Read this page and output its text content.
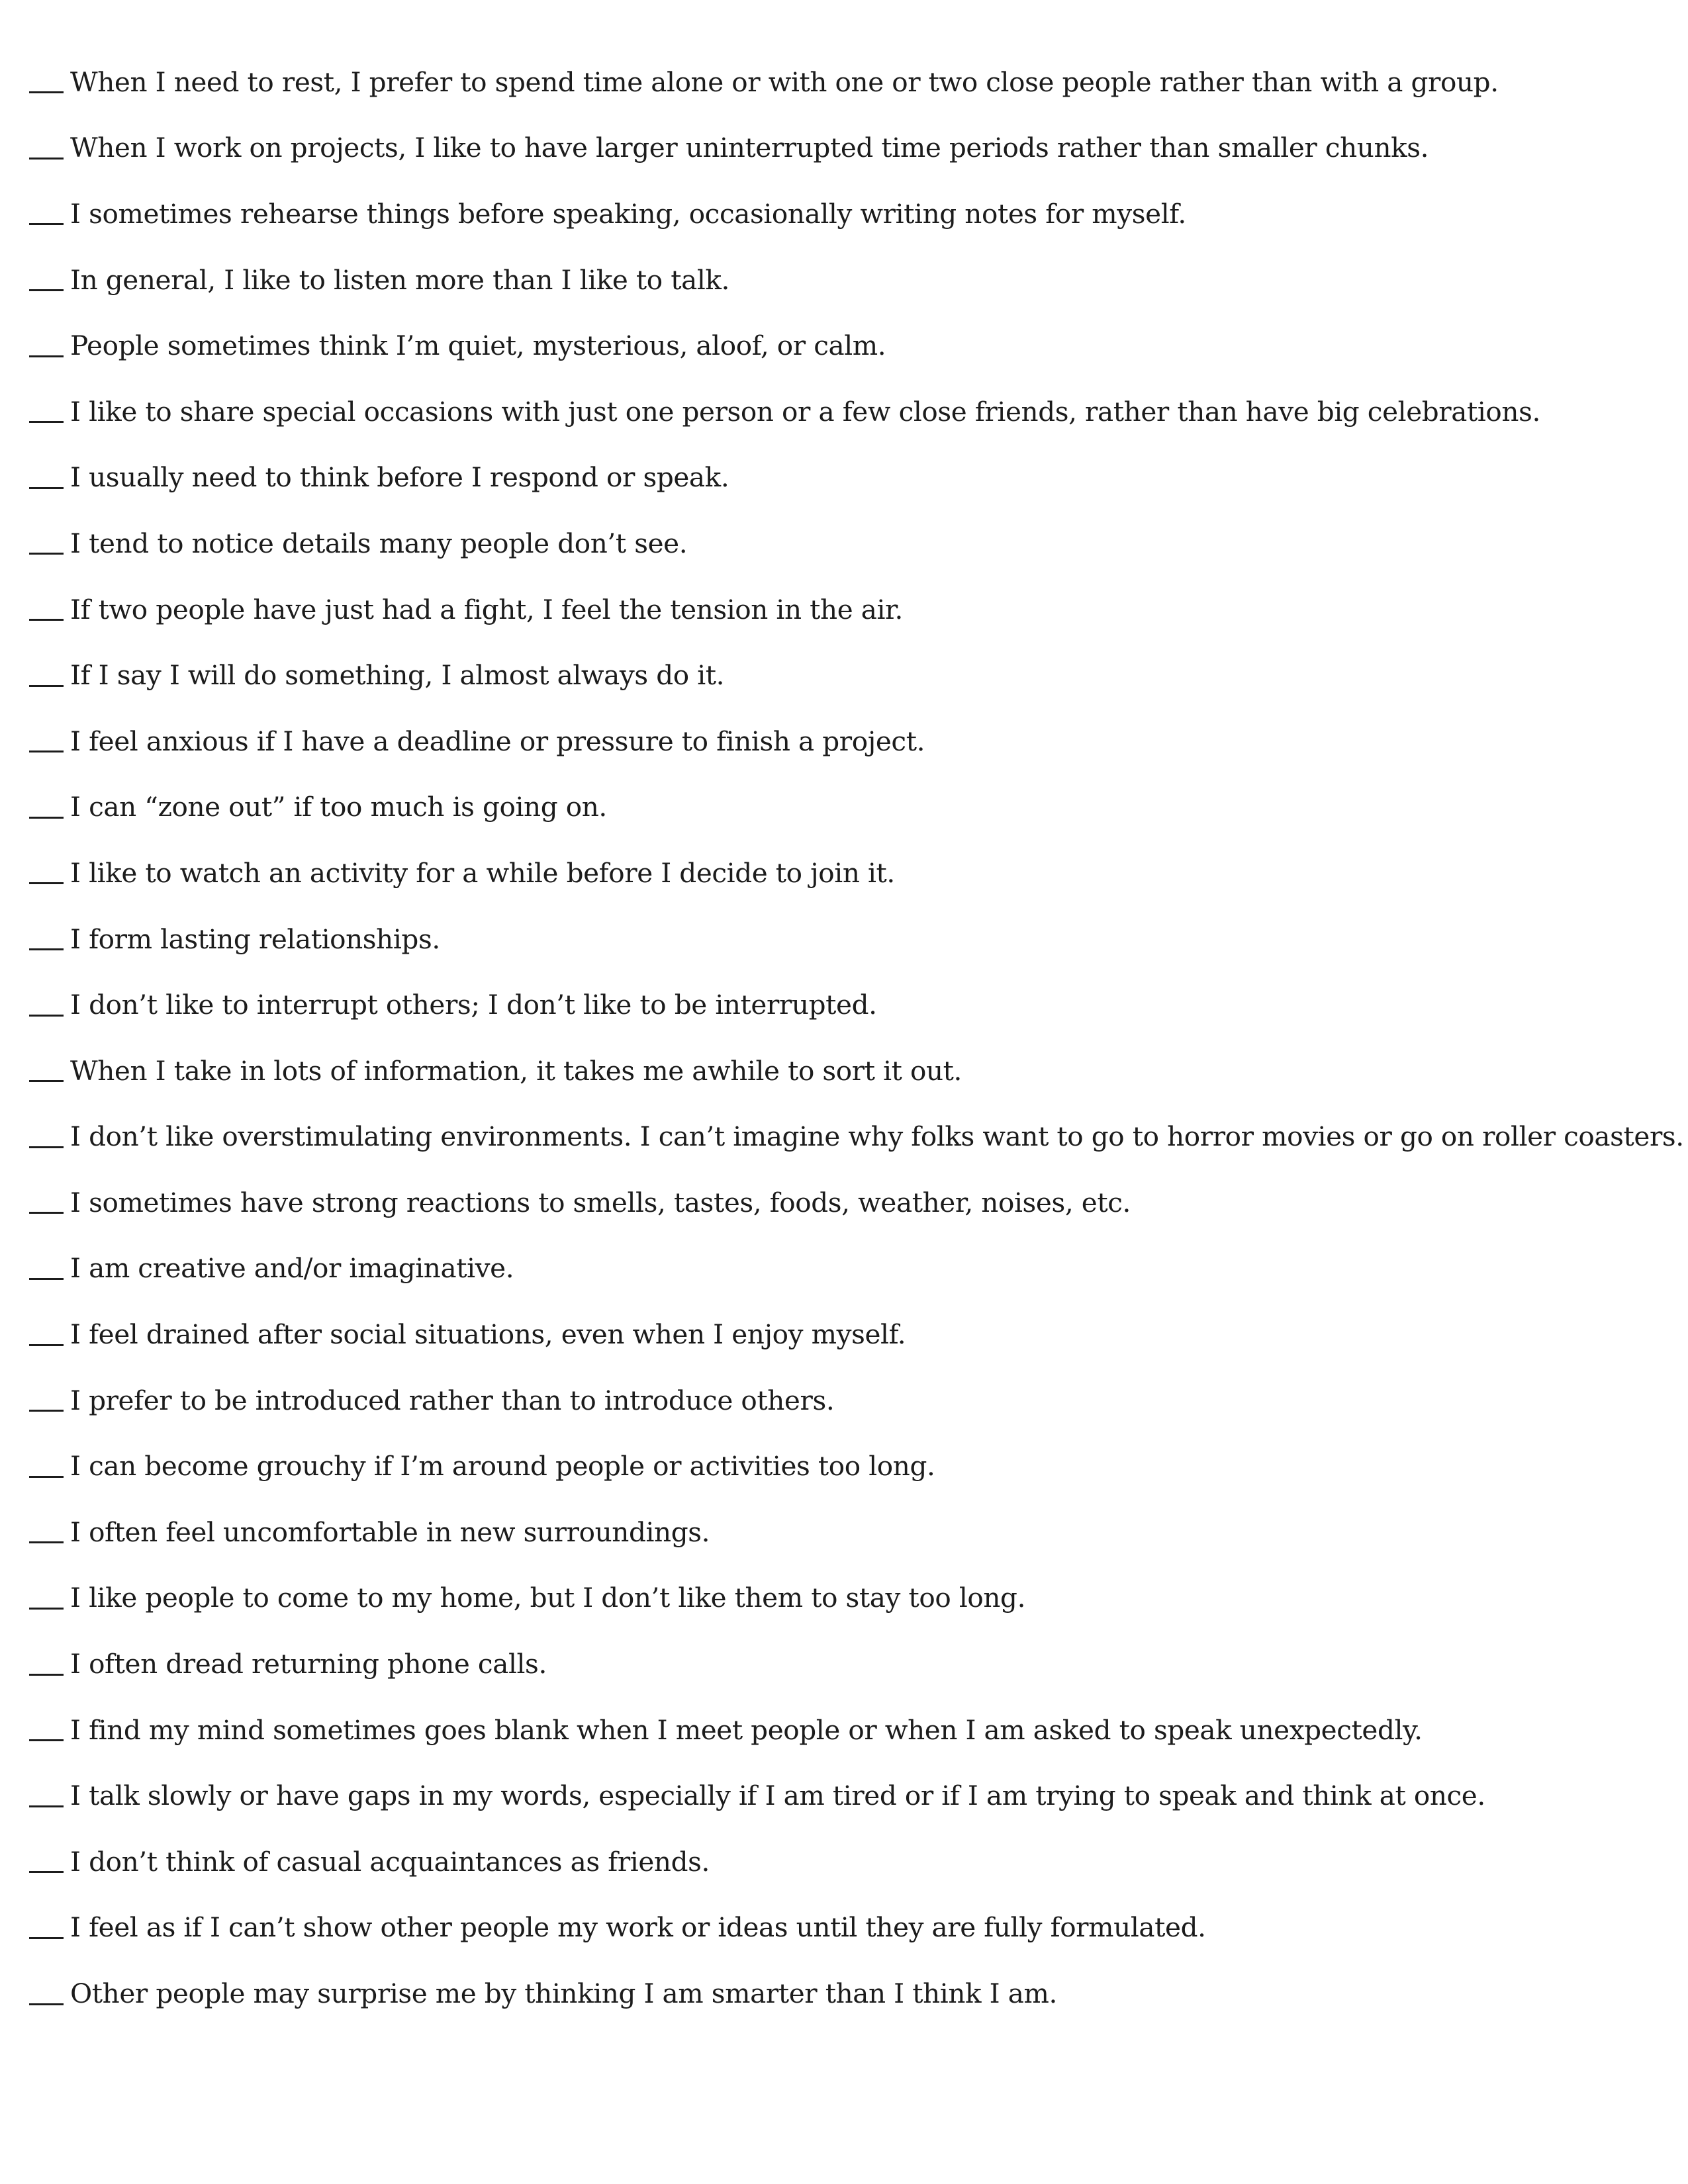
When I need to rest, I prefer to spend time alone or with one or two close people rather than with a group.
When I work on projects, I like to have larger uninterrupted time periods rather than smaller chunks.
I sometimes rehearse things before speaking, occasionally writing notes for myself.
In general, I like to listen more than I like to talk.
People sometimes think I’m quiet, mysterious, aloof, or calm.
I like to share special occasions with just one person or a few close friends, rather than have big celebrations.
I usually need to think before I respond or speak.
I tend to notice details many people don’t see.
If two people have just had a fight, I feel the tension in the air.
If I say I will do something, I almost always do it.
I feel anxious if I have a deadline or pressure to finish a project.
I can “zone out” if too much is going on.
I like to watch an activity for a while before I decide to join it.
I form lasting relationships.
I don’t like to interrupt others; I don’t like to be interrupted.
When I take in lots of information, it takes me awhile to sort it out.
I don’t like overstimulating environments. I can’t imagine why folks want to go to horror movies or go on roller coasters.
I sometimes have strong reactions to smells, tastes, foods, weather, noises, etc.
I am creative and/or imaginative.
I feel drained after social situations, even when I enjoy myself.
I prefer to be introduced rather than to introduce others.
I can become grouchy if I’m around people or activities too long.
I often feel uncomfortable in new surroundings.
I like people to come to my home, but I don’t like them to stay too long.
I often dread returning phone calls.
I find my mind sometimes goes blank when I meet people or when I am asked to speak unexpectedly.
I talk slowly or have gaps in my words, especially if I am tired or if I am trying to speak and think at once.
I don’t think of casual acquaintances as friends.
I feel as if I can’t show other people my work or ideas until they are fully formulated.
Other people may surprise me by thinking I am smarter than I think I am.
